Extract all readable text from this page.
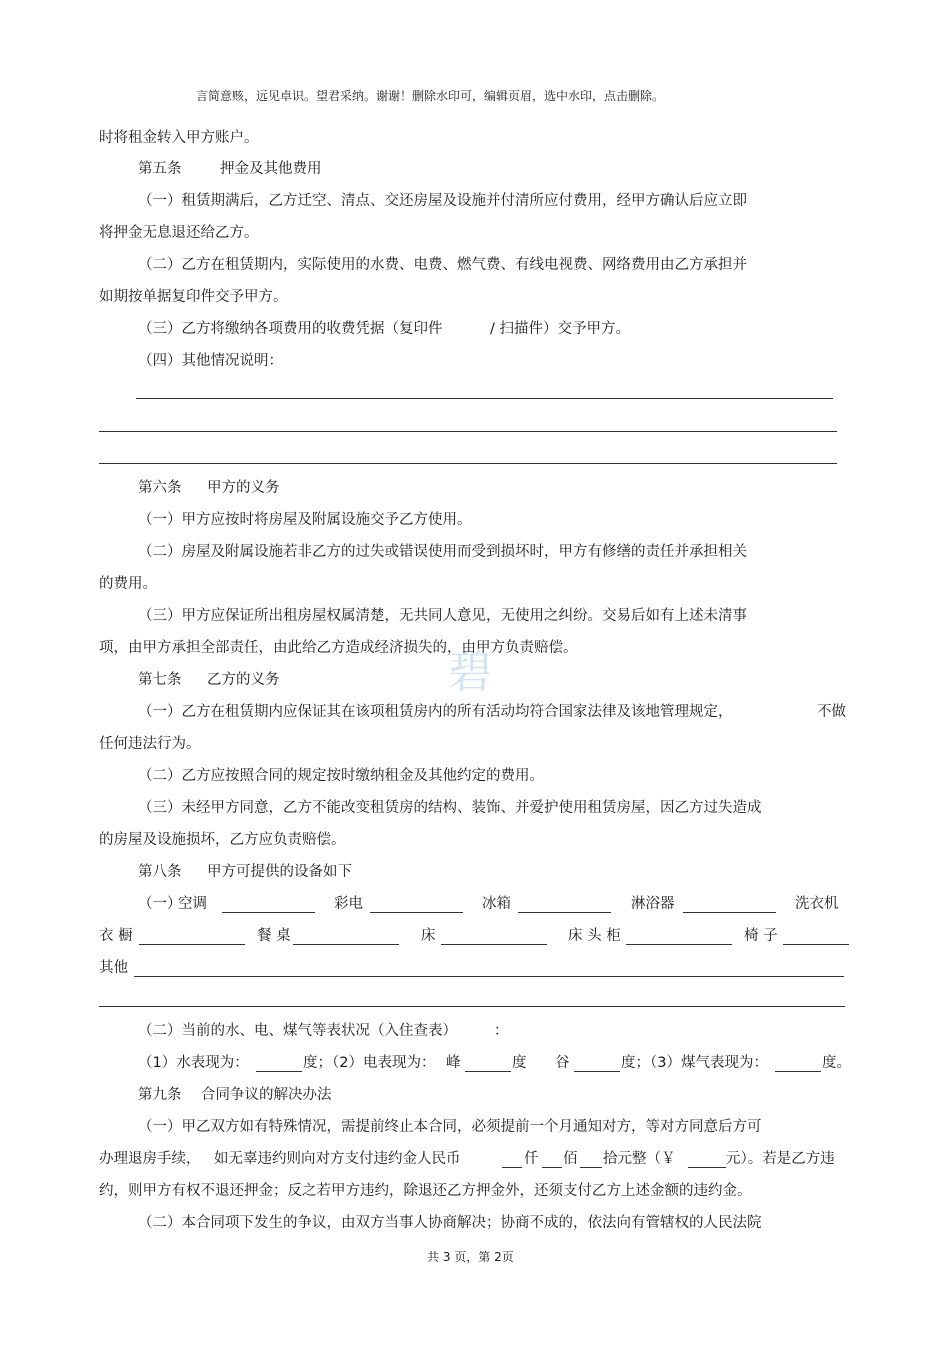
言简意赅，远见卓识。望君采纳。谢谢！删除水印可，编辑页眉，选中水印，点击删除。
碧
时将租金转入甲方账户。
第五条	押金及其他费用
（一）租赁期满后，乙方迁空、清点、交还房屋及设施并付清所应付费用，经甲方确认后应立即
将押金无息退还给乙方。
（二）乙方在租赁期内，实际使用的水费、电费、燃气费、有线电视费、网络费用由乙方承担并
如期按单据复印件交予甲方。
（三）乙方将缴纳各项费用的收费凭据（复印件	/ 扫描件）交予甲方。
（四）其他情况说明：
第六条 甲方的义务
（一）甲方应按时将房屋及附属设施交予乙方使用。
（二）房屋及附属设施若非乙方的过失或错误使用而受到损坏时，甲方有修缮的责任并承担相关
的费用。
（三）甲方应保证所出租房屋权属清楚，无共同人意见，无使用之纠纷。交易后如有上述未清事
项，由甲方承担全部责任，由此给乙方造成经济损失的，由甲方负责赔偿。
第七条 乙方的义务
（一）乙方在租赁期内应保证其在该项租赁房内的所有活动均符合国家法律及该地管理规定，	不做
任何违法行为。
（二）乙方应按照合同的规定按时缴纳租金及其他约定的费用。
（三）未经甲方同意，乙方不能改变租赁房的结构、装饰、并爱护使用租赁房屋，因乙方过失造成
的房屋及设施损坏，乙方应负责赔偿。
第八条 甲方可提供的设备如下
（一）
空调	彩电	冰箱	淋浴器	洗衣机
衣 橱	餐 桌	床	床 头 柜	椅 子
其他
（二）当前的水、电、煤气等表状况（入住查表）	：
（1）水表现为：	度；（2）电表现为： 峰	度 谷	度；（3）煤气表现为：	度。
第九条 合同争议的解决办法
（一）甲乙双方如有特殊情况，需提前终止本合同，必须提前一个月通知对方，等对方同意后方可
办理退房手续， 如无辜违约则向对方支付违约金人民币	仟 佰 拾元整（￥	元）。若是乙方违
约，则甲方有权不退还押金；反之若甲方违约，除退还乙方押金外，还须支付乙方上述金额的违约金。
（二）本合同项下发生的争议，由双方当事人协商解决；协商不成的，依法向有管辖权的人民法院
共 3 页，第 2页
